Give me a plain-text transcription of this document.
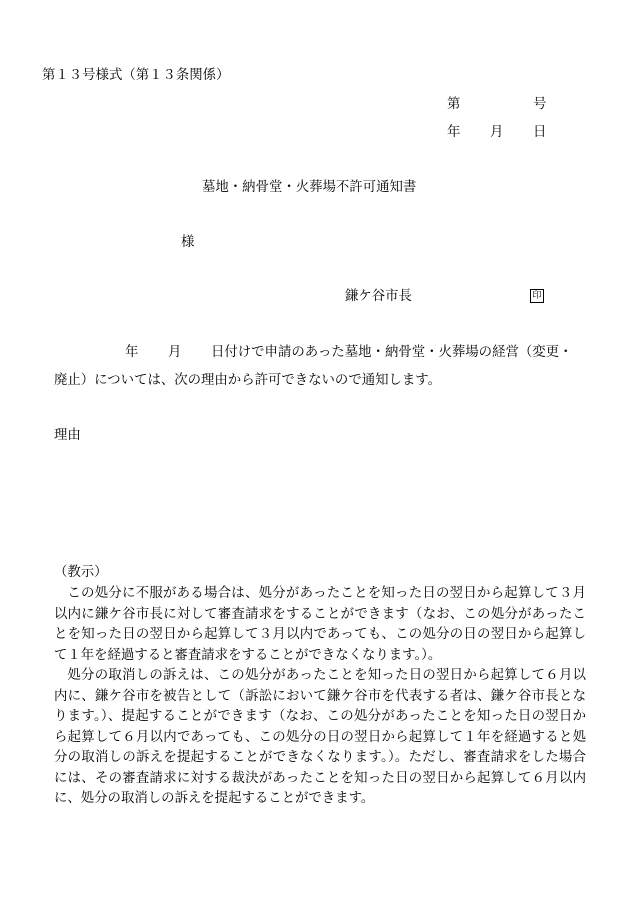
第１３号様式（第１３条関係）
第	号
年 月 日
墓地・納骨堂・火葬場不許可通知書
様
鎌ケ谷市長	印
年 月 日付けで申請のあった墓地・納骨堂・火葬場の経営（変更・
廃止）については、次の理由から許可できないので通知します。
理由
（教示）

この処分に不服がある場合は、処分があったことを知った日の翌日から起算して３月以内に鎌ケ谷市長に対して審査請求をすることができます（なお、この処分があったことを知った日の翌日から起算して３月以内であっても、この処分の日の翌日から起算して１年を経過すると審査請求をすることができなくなります。）。

処分の取消しの訴えは、この処分があったことを知った日の翌日から起算して６月以内に、鎌ケ谷市を被告として（訴訟において鎌ケ谷市を代表する者は、鎌ケ谷市長となります。）、提起することができます（なお、この処分があったことを知った日の翌日から起算して６月以内であっても、この処分の日の翌日から起算して１年を経過すると処分の取消しの訴えを提起することができなくなります。）。ただし、審査請求をした場合には、その審査請求に対する裁決があったことを知った日の翌日から起算して６月以内に、処分の取消しの訴えを提起することができます。
